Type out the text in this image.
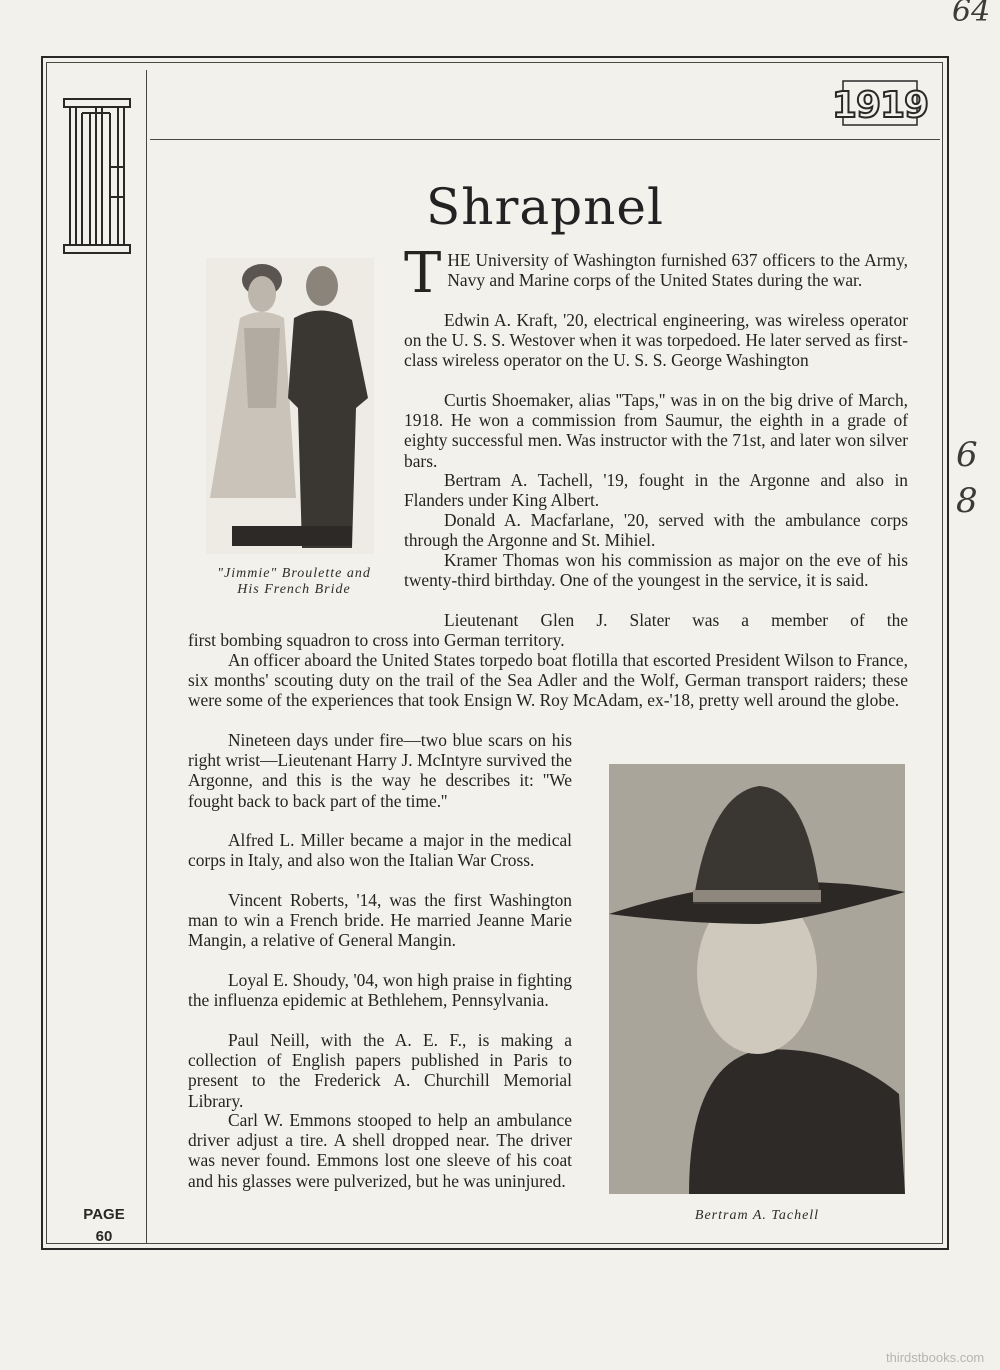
64
68
1919
Shrapnel
"Jimmie" Broulette and
His French Bride
Bertram A. Tachell

THE University of Washington furnished 637 officers to the Army, Navy and Marine corps of the United States during the war.

Edwin A. Kraft, '20, electrical engineering, was wireless operator on the U. S. S. Westover when it was torpedoed. He later served as first-class wireless operator on the U. S. S. George Washington

Curtis Shoemaker, alias ''Taps,'' was in on the big drive of March, 1918. He won a commission from Saumur, the eighth in a grade of eighty successful men. Was instructor with the 71st, and later won silver bars.

Bertram A. Tachell, '19, fought in the Argonne and also in Flanders under King Albert.

Donald A. Macfarlane, '20, served with the ambulance corps through the Argonne and St. Mihiel.

Kramer Thomas won his commission as major on the eve of his twenty-third birthday. One of the youngest in the service, it is said.

Lieutenant Glen J. Slater was a member of the

first bombing squadron to cross into German territory.

An officer aboard the United States torpedo boat flotilla that escorted President Wilson to France, six months' scouting duty on the trail of the Sea Adler and the Wolf, German transport raiders; these were some of the experiences that took Ensign W. Roy McAdam, ex-'18, pretty well around the globe.

Nineteen days under fire—two blue scars on his right wrist—Lieutenant Harry J. McIntyre survived the Argonne, and this is the way he describes it: ''We fought back to back part of the time.''

Alfred L. Miller became a major in the medical corps in Italy, and also won the Italian War Cross.

Vincent Roberts, '14, was the first Washington man to win a French bride. He married Jeanne Marie Mangin, a relative of General Mangin.

Loyal E. Shoudy, '04, won high praise in fighting the influenza epidemic at Bethlehem, Pennsylvania.

Paul Neill, with the A. E. F., is making a collection of English papers published in Paris to present to the Frederick A. Churchill Memorial Library.

Carl W. Emmons stooped to help an ambulance driver adjust a tire. A shell dropped near. The driver was never found. Emmons lost one sleeve of his coat and his glasses were pulverized, but he was uninjured.

PAGE
60
thirdstbooks.com
